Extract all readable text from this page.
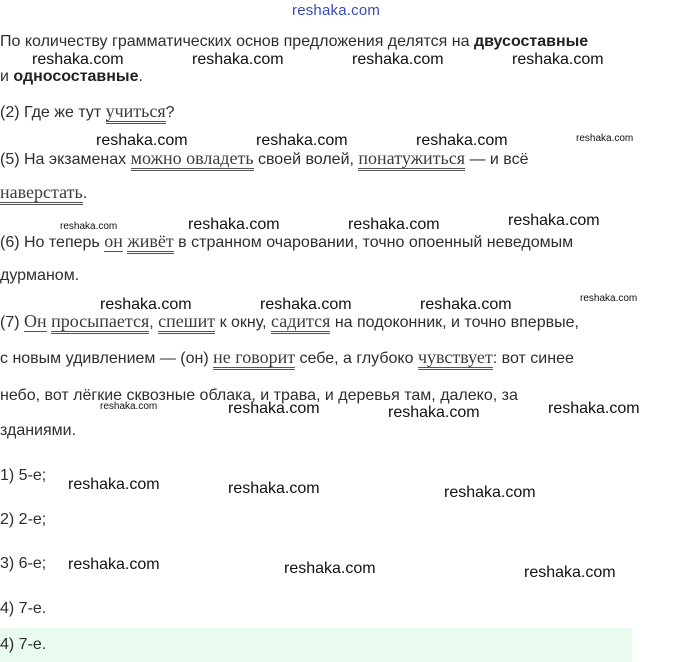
reshaka.com
По количеству грамматических основ предложения делятся на двусоставные
и односоставные.
(2) Где же тут учиться?
(5) На экзаменах можно овладеть своей волей, понатужиться — и всё
наверстать.
(6) Но теперь он живёт в странном очаровании, точно опоенный неведомым
дурманом.
(7) Он просыпается, спешит к окну, садится на подоконник, и точно впервые,
с новым удивлением — (он) не говорит себе, а глубоко чувствует: вот синее
небо, вот лёгкие сквозные облака, и трава, и деревья там, далеко, за
зданиями.
1) 5-е;
2) 2-е;
3) 6-е;
4) 7-е.
4) 7-е.
reshaka.com	reshaka.com	reshaka.com	reshaka.com
reshaka.com	reshaka.com	reshaka.com	reshaka.com
reshaka.com	reshaka.com	reshaka.com	reshaka.com
reshaka.com	reshaka.com	reshaka.com	reshaka.com
reshaka.com	reshaka.com	reshaka.com	reshaka.com
reshaka.com	reshaka.com	reshaka.com
reshaka.com	reshaka.com	reshaka.com
